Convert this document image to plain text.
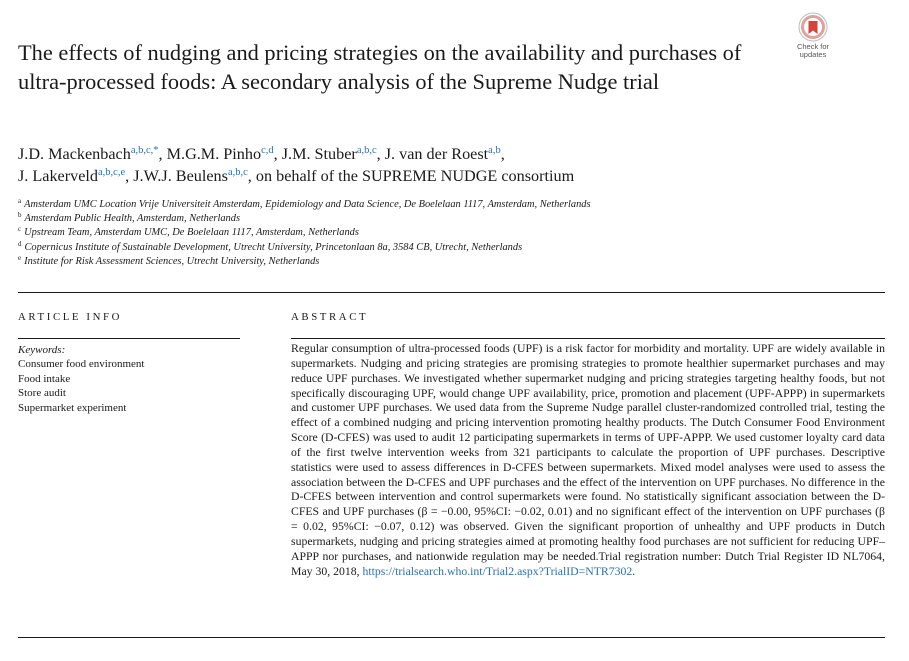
The effects of nudging and pricing strategies on the availability and purchases of ultra-processed foods: A secondary analysis of the Supreme Nudge trial
Check for
updates
J.D. Mackenbach$^{a,b,c,*}$, M.G.M. Pinho$^{c,d}$, J.M. Stuber$^{a,b,c}$, J. van der Roest$^{a,b}$,
J. Lakerveld$^{a,b,c,e}$, J.W.J. Beulens$^{a,b,c}$, on behalf of the SUPREME NUDGE consortium
$^a$ Amsterdam UMC Location Vrije Universiteit Amsterdam, Epidemiology and Data Science, De Boelelaan 1117, Amsterdam, Netherlands
$^b$ Amsterdam Public Health, Amsterdam, Netherlands
$^c$ Upstream Team, Amsterdam UMC, De Boelelaan 1117, Amsterdam, Netherlands
$^d$ Copernicus Institute of Sustainable Development, Utrecht University, Princetonlaan 8a, 3584 CB, Utrecht, Netherlands
$^e$ Institute for Risk Assessment Sciences, Utrecht University, Netherlands
ARTICLE INFO	ABSTRACT
Keywords:
Consumer food environment
Food intake
Store audit
Supermarket experiment

Regular consumption of ultra-processed foods (UPF) is a risk factor for morbidity and mortality. UPF are widely available in supermarkets. Nudging and pricing strategies are promising strategies to promote healthier supermarket purchases and may reduce UPF purchases. We investigated whether supermarket nudging and pricing strategies targeting healthy foods, but not specifically discouraging UPF, would change UPF availability, price, promotion and placement (UPF-APPP) in supermarkets and customer UPF purchases. We used data from the Supreme Nudge parallel cluster-randomized controlled trial, testing the effect of a combined nudging and pricing intervention promoting healthy products. The Dutch Consumer Food Environment Score (D-CFES) was used to audit 12 participating supermarkets in terms of UPF-APPP. We used customer loyalty card data of the first twelve intervention weeks from 321 participants to calculate the proportion of UPF purchases. Descriptive statistics were used to assess differences in D-CFES between supermarkets. Mixed model analyses were used to assess the association between the D-CFES and UPF purchases and the effect of the intervention on UPF purchases. No difference in the D-CFES between intervention and control supermarkets were found. No statistically significant association between the D-CFES and UPF purchases (β = −0.00, 95%CI: −0.02, 0.01) and no significant effect of the intervention on UPF purchases (β = 0.02, 95%CI: −0.07, 0.12) was observed. Given the significant proportion of unhealthy and UPF products in Dutch supermarkets, nudging and pricing strategies aimed at promoting healthy food purchases are not sufficient for reducing UPF–APPP nor purchases, and nationwide regulation may be needed.Trial registration number: Dutch Trial Register ID NL7064, May 30, 2018, https://trialsearch.who.int/Trial2.aspx?TrialID=NTR7302.
